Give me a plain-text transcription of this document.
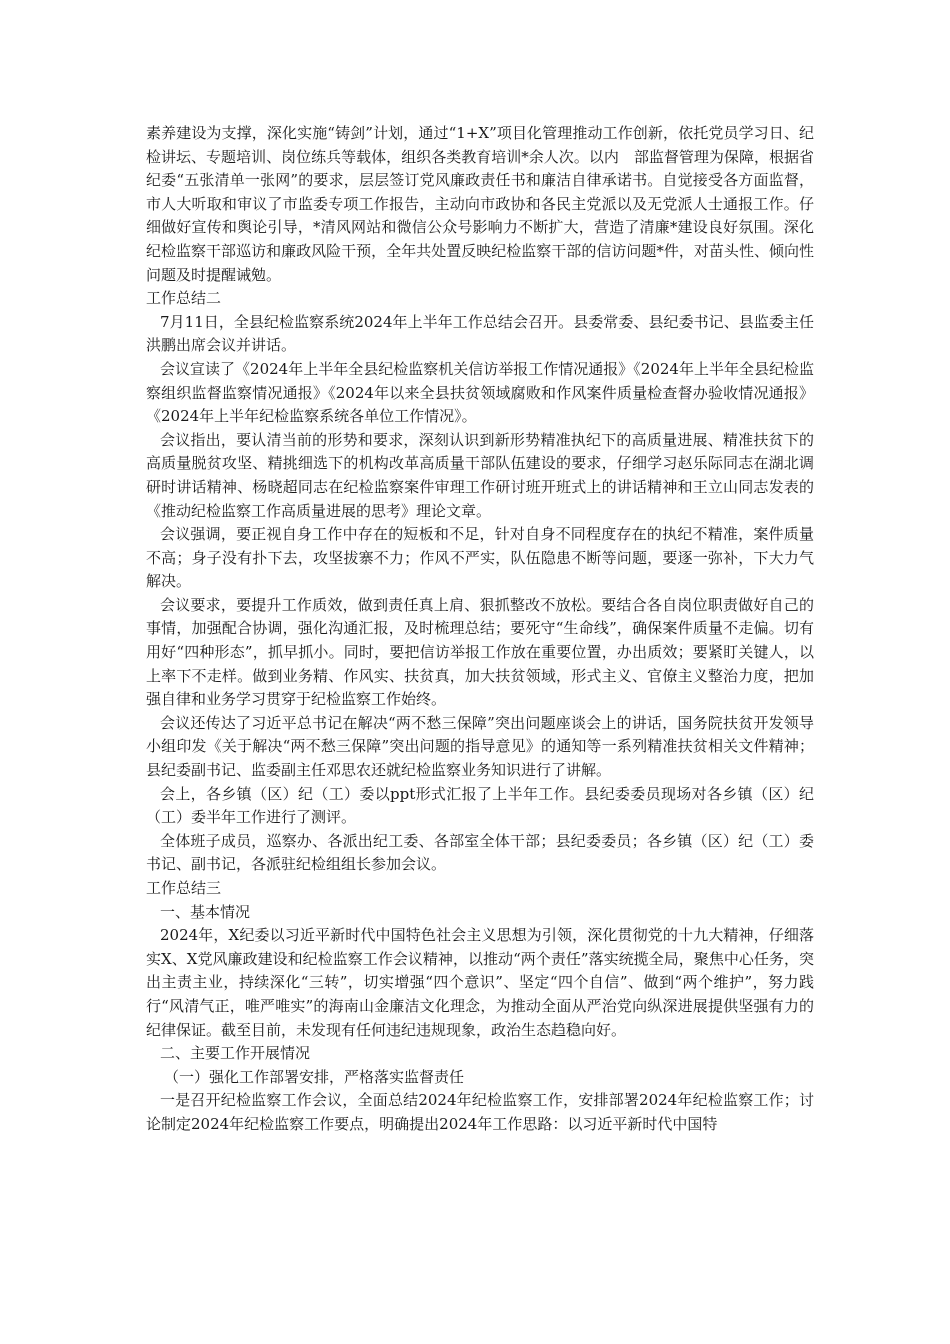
素养建设为支撑，深化实施“铸剑”计划，通过“1+X”项目化管理推动工作创新，依托党员学习日、纪检讲坛、专题培训、岗位练兵等载体，组织各类教育培训*余人次。以内　部监督管理为保障，根据省纪委“五张清单一张网”的要求，层层签订党风廉政责任书和廉洁自律承诺书。自觉接受各方面监督，市人大听取和审议了市监委专项工作报告，主动向市政协和各民主党派以及无党派人士通报工作。仔细做好宣传和舆论引导，*清风网站和微信公众号影响力不断扩大，营造了清廉*建设良好氛围。深化纪检监察干部巡访和廉政风险干预，全年共处置反映纪检监察干部的信访问题*件，对苗头性、倾向性问题及时提醒诫勉。

工作总结二

7月11日，全县纪检监察系统2024年上半年工作总结会召开。县委常委、县纪委书记、县监委主任洪鹏出席会议并讲话。

会议宣读了《2024年上半年全县纪检监察机关信访举报工作情况通报》《2024年上半年全县纪检监察组织监督监察情况通报》《2024年以来全县扶贫领域腐败和作风案件质量检查督办验收情况通报》《2024年上半年纪检监察系统各单位工作情况》。

会议指出，要认清当前的形势和要求，深刻认识到新形势精准执纪下的高质量进展、精准扶贫下的高质量脱贫攻坚、精挑细选下的机构改革高质量干部队伍建设的要求，仔细学习赵乐际同志在湖北调研时讲话精神、杨晓超同志在纪检监察案件审理工作研讨班开班式上的讲话精神和王立山同志发表的《推动纪检监察工作高质量进展的思考》理论文章。

会议强调，要正视自身工作中存在的短板和不足，针对自身不同程度存在的执纪不精准，案件质量不高；身子没有扑下去，攻坚拔寨不力；作风不严实，队伍隐患不断等问题，要逐一弥补，下大力气解决。

会议要求，要提升工作质效，做到责任真上肩、狠抓整改不放松。要结合各自岗位职责做好自己的事情，加强配合协调，强化沟通汇报，及时梳理总结；要死守“生命线”，确保案件质量不走偏。切有用好“四种形态”，抓早抓小。同时，要把信访举报工作放在重要位置，办出质效；要紧盯关键人，以上率下不走样。做到业务精、作风实、扶贫真，加大扶贫领域，形式主义、官僚主义整治力度，把加强自律和业务学习贯穿于纪检监察工作始终。

会议还传达了习近平总书记在解决“两不愁三保障”突出问题座谈会上的讲话，国务院扶贫开发领导小组印发《关于解决“两不愁三保障”突出问题的指导意见》的通知等一系列精准扶贫相关文件精神；县纪委副书记、监委副主任邓思农还就纪检监察业务知识进行了讲解。

会上，各乡镇（区）纪（工）委以ppt形式汇报了上半年工作。县纪委委员现场对各乡镇（区）纪（工）委半年工作进行了测评。

全体班子成员，巡察办、各派出纪工委、各部室全体干部；县纪委委员；各乡镇（区）纪（工）委书记、副书记，各派驻纪检组组长参加会议。

工作总结三

一、基本情况

2024年，X纪委以习近平新时代中国特色社会主义思想为引领，深化贯彻党的十九大精神，仔细落实X、X党风廉政建设和纪检监察工作会议精神，以推动“两个责任”落实统揽全局，聚焦中心任务，突出主责主业，持续深化“三转”，切实增强“四个意识”、坚定“四个自信”、做到“两个维护”，努力践行“风清气正，唯严唯实”的海南山金廉洁文化理念，为推动全面从严治党向纵深进展提供坚强有力的纪律保证。截至目前，未发现有任何违纪违规现象，政治生态趋稳向好。

二、主要工作开展情况

（一）强化工作部署安排，严格落实监督责任

一是召开纪检监察工作会议，全面总结2024年纪检监察工作，安排部署2024年纪检监察工作；讨论制定2024年纪检监察工作要点，明确提出2024年工作思路：以习近平新时代中国特
